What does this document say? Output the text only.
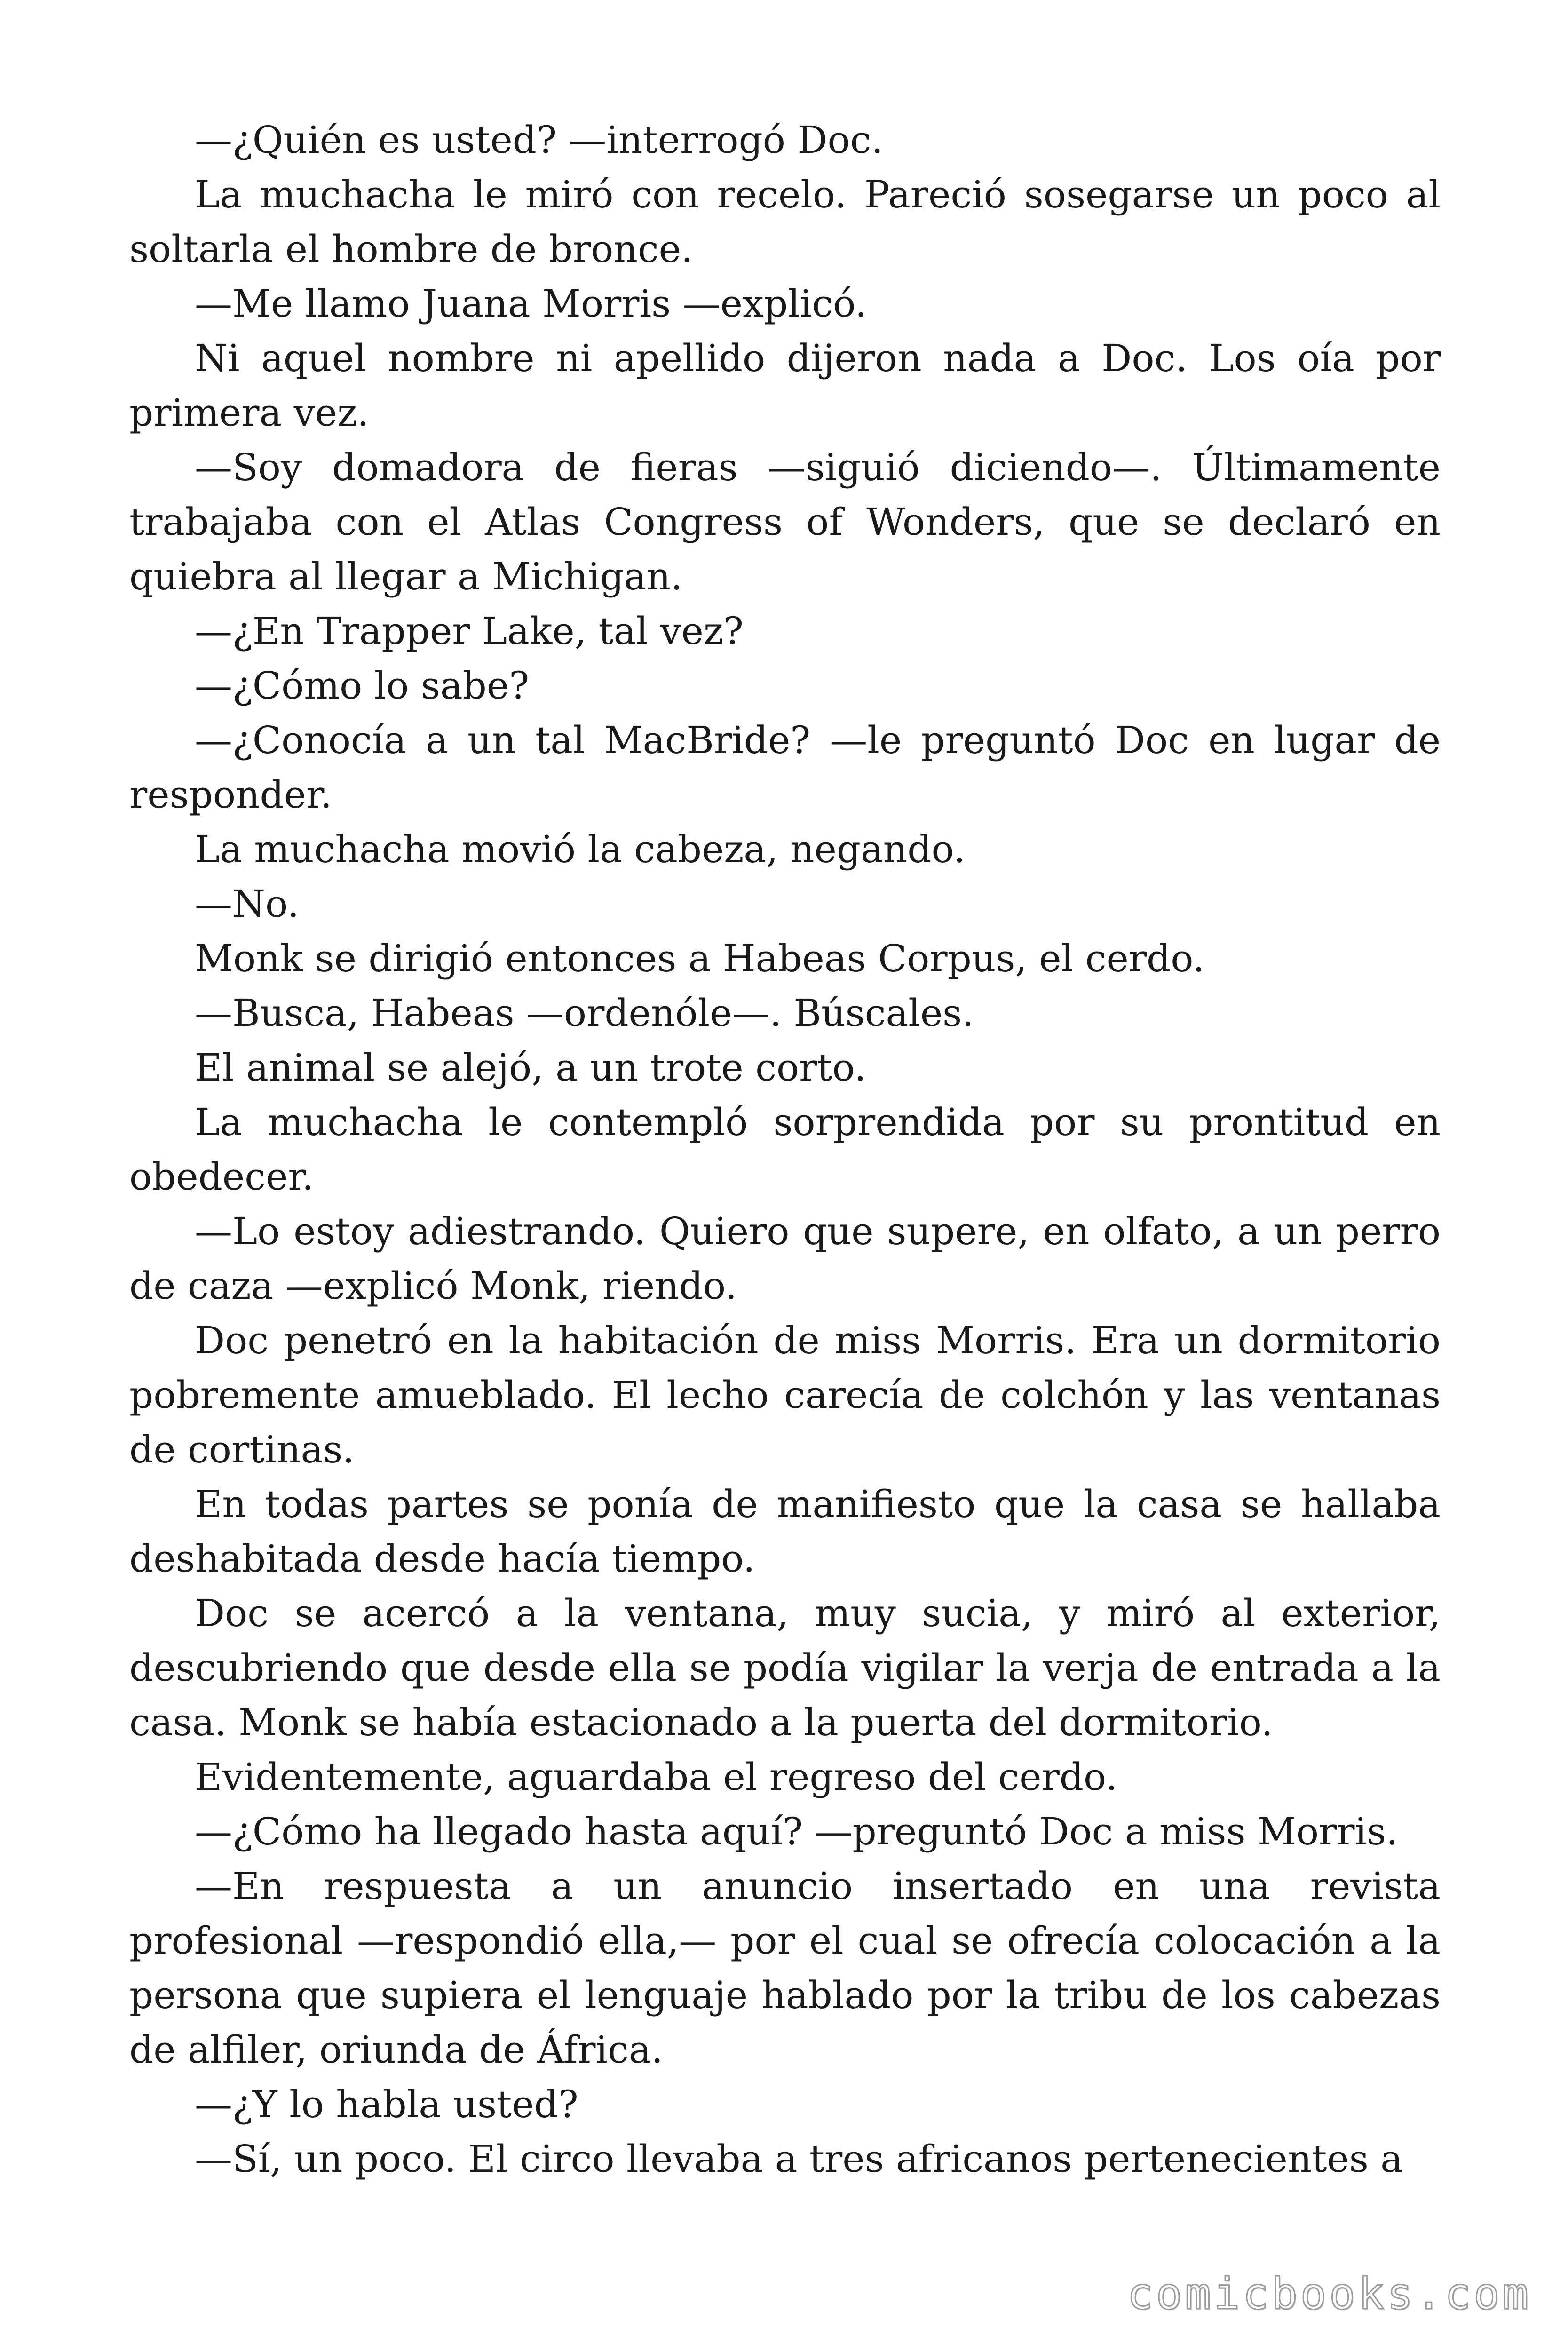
—¿Quién es usted? —interrogó Doc.

La muchacha le miró con recelo. Pareció sosegarse un poco al soltarla el hombre de bronce.

—Me llamo Juana Morris —explicó.

Ni aquel nombre ni apellido dijeron nada a Doc. Los oía por primera vez.

—Soy domadora de fieras —siguió diciendo—. Últimamente trabajaba con el Atlas Congress of Wonders, que se declaró en quiebra al llegar a Michigan.

—¿En Trapper Lake, tal vez?

—¿Cómo lo sabe?

—¿Conocía a un tal MacBride? —le preguntó Doc en lugar de responder.

La muchacha movió la cabeza, negando.

—No.

Monk se dirigió entonces a Habeas Corpus, el cerdo.

—Busca, Habeas —ordenóle—. Búscales.

El animal se alejó, a un trote corto.

La muchacha le contempló sorprendida por su prontitud en obedecer.

—Lo estoy adiestrando. Quiero que supere, en olfato, a un perro de caza —explicó Monk, riendo.

Doc penetró en la habitación de miss Morris. Era un dormitorio pobremente amueblado. El lecho carecía de colchón y las ventanas de cortinas.

En todas partes se ponía de manifiesto que la casa se hallaba deshabitada desde hacía tiempo.

Doc se acercó a la ventana, muy sucia, y miró al exterior, descubriendo que desde ella se podía vigilar la verja de entrada a la casa. Monk se había estacionado a la puerta del dormitorio.

Evidentemente, aguardaba el regreso del cerdo.

—¿Cómo ha llegado hasta aquí? —preguntó Doc a miss Morris.

—En respuesta a un anuncio insertado en una revista profesional —respondió ella,— por el cual se ofrecía colocación a la persona que supiera el lenguaje hablado por la tribu de los cabezas de alfiler, oriunda de África.

—¿Y lo habla usted?

—Sí, un poco. El circo llevaba a tres africanos pertenecientes a

comicbooks.com
